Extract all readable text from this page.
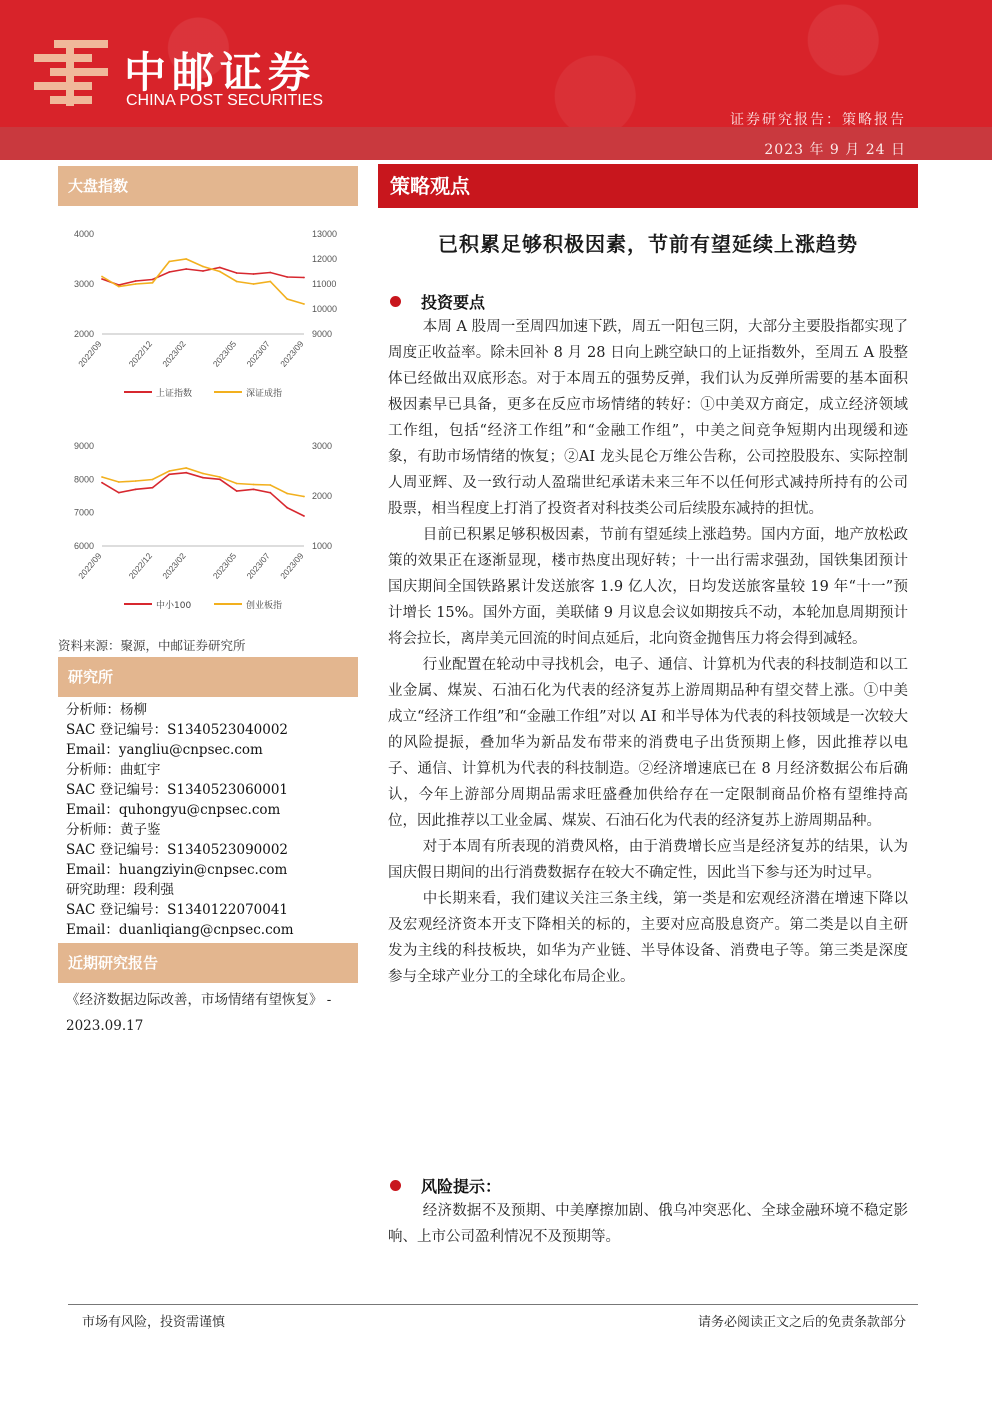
中邮证券
CHINA POST SECURITIES
证券研究报告：策略报告
2023 年 9 月 24 日
大盘指数
4000
3000
2000
13000
12000
11000
10000
9000
2022/09	2022/12 2023/02	2023/05 2023/07 2023/09
上证指数	深证成指
9000
8000
7000
6000
3000
2000
1000
2022/09	2022/12 2023/02	2023/05 2023/07 2023/09
中小100	创业板指
资料来源：聚源，中邮证券研究所
研究所
分析师：杨柳
SAC 登记编号：S1340523040002
Email：yangliu@cnpsec.com
分析师：曲虹宇
SAC 登记编号：S1340523060001
Email：quhongyu@cnpsec.com
分析师：黄子鉴
SAC 登记编号：S1340523090002
Email：huangziyin@cnpsec.com
研究助理：段利强
SAC 登记编号：S1340122070041
Email：duanliqiang@cnpsec.com
近期研究报告
《经济数据边际改善，市场情绪有望恢复》 - 2023.09.17
策略观点
已积累足够积极因素，节前有望延续上涨趋势
投资要点

本周 A 股周一至周四加速下跌，周五一阳包三阴，大部分主要股指都实现了周度正收益率。除未回补 8 月 28 日向上跳空缺口的上证指数外，至周五 A 股整体已经做出双底形态。对于本周五的强势反弹，我们认为反弹所需要的基本面积极因素早已具备，更多在反应市场情绪的转好：①中美双方商定，成立经济领域工作组，包括“经济工作组”和“金融工作组”，中美之间竞争短期内出现缓和迹象，有助市场情绪的恢复；②AI 龙头昆仑万维公告称，公司控股股东、实际控制人周亚辉、及一致行动人盈瑞世纪承诺未来三年不以任何形式减持所持有的公司股票，相当程度上打消了投资者对科技类公司后续股东减持的担忧。

目前已积累足够积极因素，节前有望延续上涨趋势。国内方面，地产放松政策的效果正在逐渐显现，楼市热度出现好转；十一出行需求强劲，国铁集团预计国庆期间全国铁路累计发送旅客 1.9 亿人次，日均发送旅客量较 19 年“十一”预计增长 15%。国外方面，美联储 9 月议息会议如期按兵不动，本轮加息周期预计将会拉长，离岸美元回流的时间点延后，北向资金抛售压力将会得到减轻。

行业配置在轮动中寻找机会，电子、通信、计算机为代表的科技制造和以工业金属、煤炭、石油石化为代表的经济复苏上游周期品种有望交替上涨。①中美成立“经济工作组”和“金融工作组”对以 AI 和半导体为代表的科技领域是一次较大的风险提振，叠加华为新品发布带来的消费电子出货预期上修，因此推荐以电子、通信、计算机为代表的科技制造。②经济增速底已在 8 月经济数据公布后确认，今年上游部分周期品需求旺盛叠加供给存在一定限制商品价格有望维持高位，因此推荐以工业金属、煤炭、石油石化为代表的经济复苏上游周期品种。

对于本周有所表现的消费风格，由于消费增长应当是经济复苏的结果，认为国庆假日期间的出行消费数据存在较大不确定性，因此当下参与还为时过早。

中长期来看，我们建议关注三条主线，第一类是和宏观经济潜在增速下降以及宏观经济资本开支下降相关的标的，主要对应高股息资产。第二类是以自主研发为主线的科技板块，如华为产业链、半导体设备、消费电子等。第三类是深度参与全球产业分工的全球化布局企业。

风险提示：

经济数据不及预期、中美摩擦加剧、俄乌冲突恶化、全球金融环境不稳定影响、上市公司盈利情况不及预期等。

市场有风险，投资需谨慎	请务必阅读正文之后的免责条款部分
